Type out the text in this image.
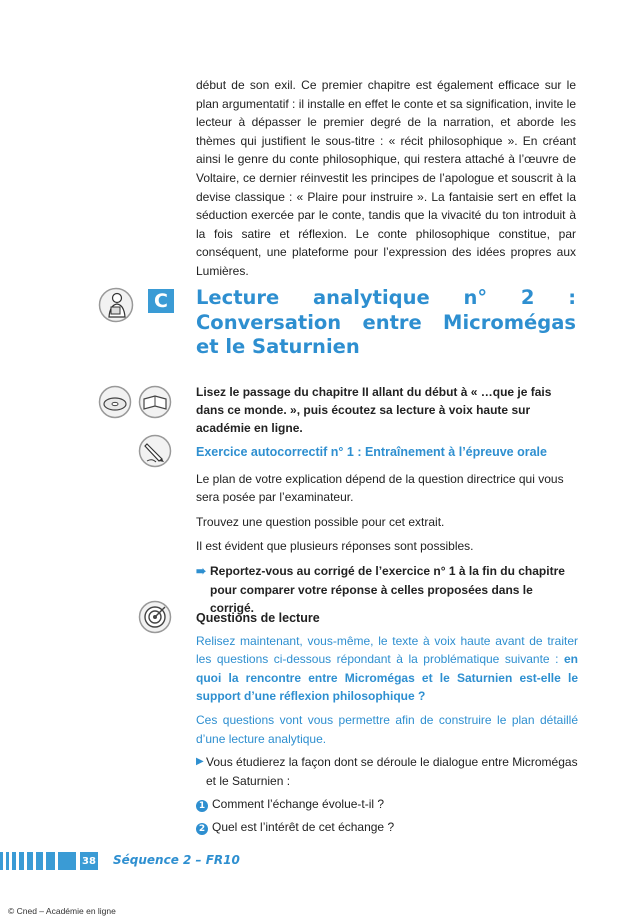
début de son exil. Ce premier chapitre est également efficace sur le plan argumentatif : il installe en effet le conte et sa signification, invite le lecteur à dépasser le premier degré de la narration, et aborde les thèmes qui justifient le sous-titre : « récit philosophique ». En créant ainsi le genre du conte philosophique, qui restera attaché à l’œuvre de Voltaire, ce dernier réinvestit les principes de l’apologue et souscrit à la devise classique : « Plaire pour instruire ». La fantaisie sert en effet la séduction exercée par le conte, tandis que la vivacité du ton introduit à la fois satire et réflexion. Le conte philosophique constitue, par conséquent, une plateforme pour l’expression des idées propres aux Lumières.
C	Lecture analytique n° 2 : Conversation entre Micromégas et le Saturnien
Lisez le passage du chapitre II allant du début à « …que je fais dans ce monde. », puis écoutez sa lecture à voix haute sur académie en ligne.
Exercice autocorrectif n° 1 : Entraînement à l’épreuve orale
Le plan de votre explication dépend de la question directrice qui vous sera posée par l’examinateur.
Trouvez une question possible pour cet extrait.
Il est évident que plusieurs réponses sont possibles.
➠ Reportez-vous au corrigé de l’exercice n° 1 à la fin du chapitre pour comparer votre réponse à celles proposées dans le corrigé.
Questions de lecture
Relisez maintenant, vous-même, le texte à voix haute avant de traiter les questions ci-dessous répondant à la problématique suivante : en quoi la rencontre entre Micromégas et le Saturnien est-elle le support d’une réflexion philosophique ?
Ces questions vont vous permettre afin de construire le plan détaillé d’une lecture analytique.
▶ Vous étudierez la façon dont se déroule le dialogue entre Micromégas et le Saturnien :
1 Comment l’échange évolue-t-il ?
2 Quel est l’intérêt de cet échange ?
38 Séquence 2 – FR10
© Cned – Académie en ligne
